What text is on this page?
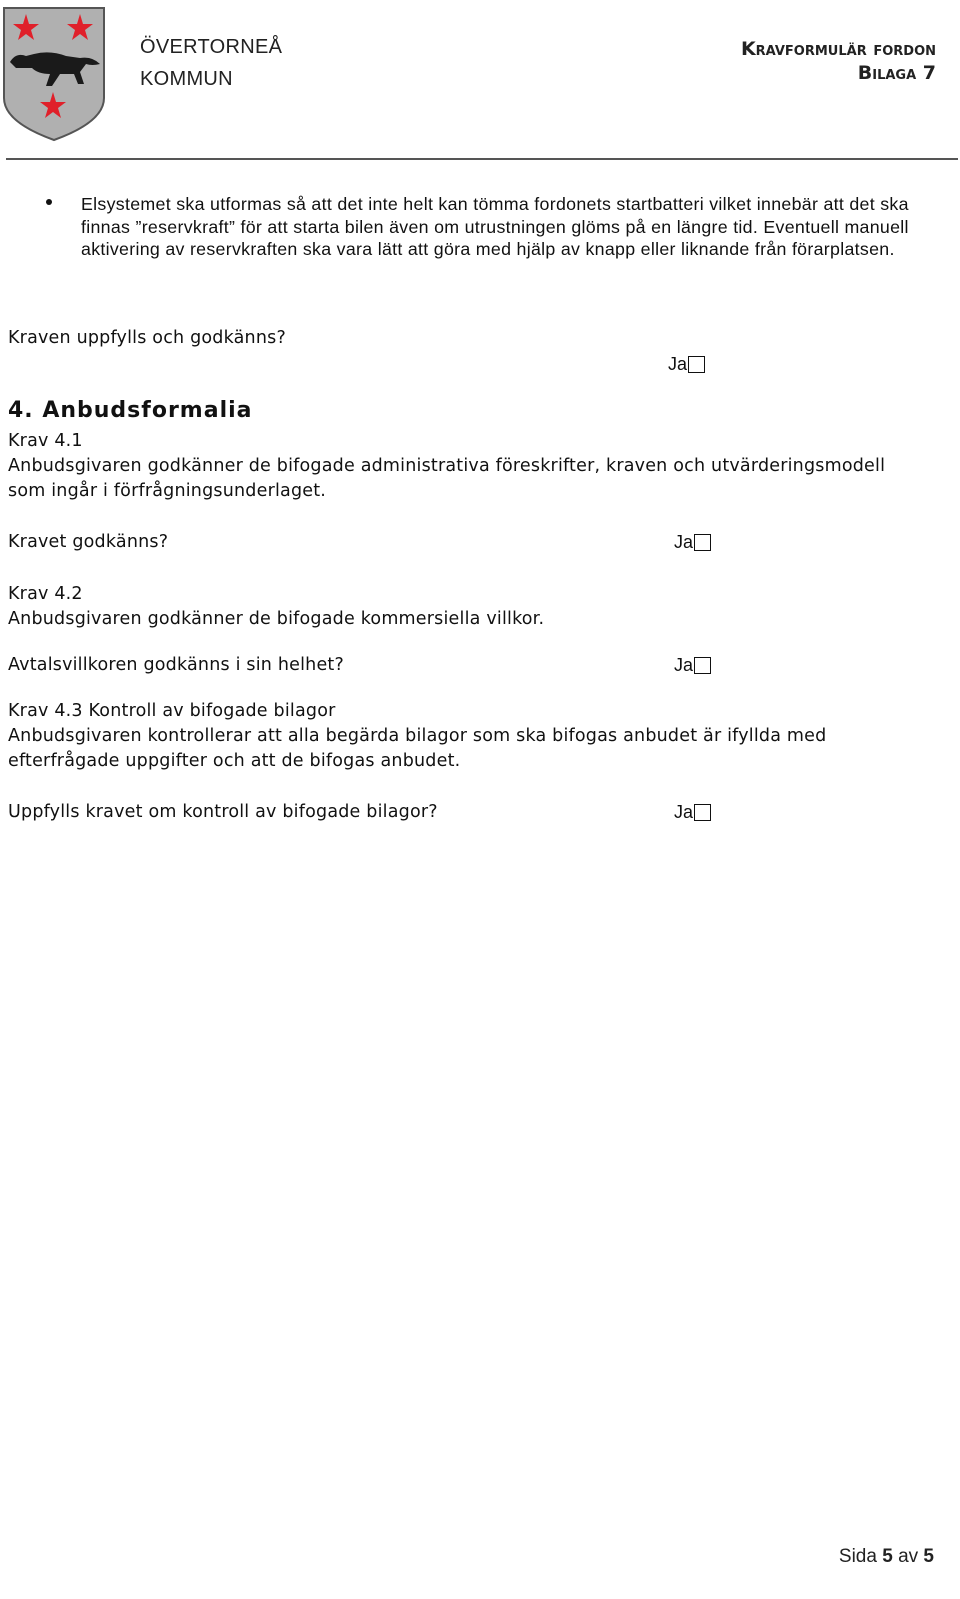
ÖVERTORNEÅ
KOMMUN
Kravformulär fordon
Bilaga 7
Elsystemet ska utformas så att det inte helt kan tömma fordonets startbatteri vilket innebär att det ska finnas ”reservkraft” för att starta bilen även om utrustningen glöms på en längre tid. Eventuell manuell aktivering av reservkraften ska vara lätt att göra med hjälp av knapp eller liknande från förarplatsen.
Kraven uppfylls och godkänns?
Ja
4. Anbudsformalia
Krav 4.1
Anbudsgivaren godkänner de bifogade administrativa föreskrifter, kraven och utvärderingsmodell som ingår i förfrågningsunderlaget.
Kravet godkänns?	Ja
Krav 4.2
Anbudsgivaren godkänner de bifogade kommersiella villkor.
Avtalsvillkoren godkänns i sin helhet?	Ja
Krav 4.3 Kontroll av bifogade bilagor
Anbudsgivaren kontrollerar att alla begärda bilagor som ska bifogas anbudet är ifyllda med efterfrågade uppgifter och att de bifogas anbudet.
Uppfylls kravet om kontroll av bifogade bilagor?	Ja
Sida 5 av 5
